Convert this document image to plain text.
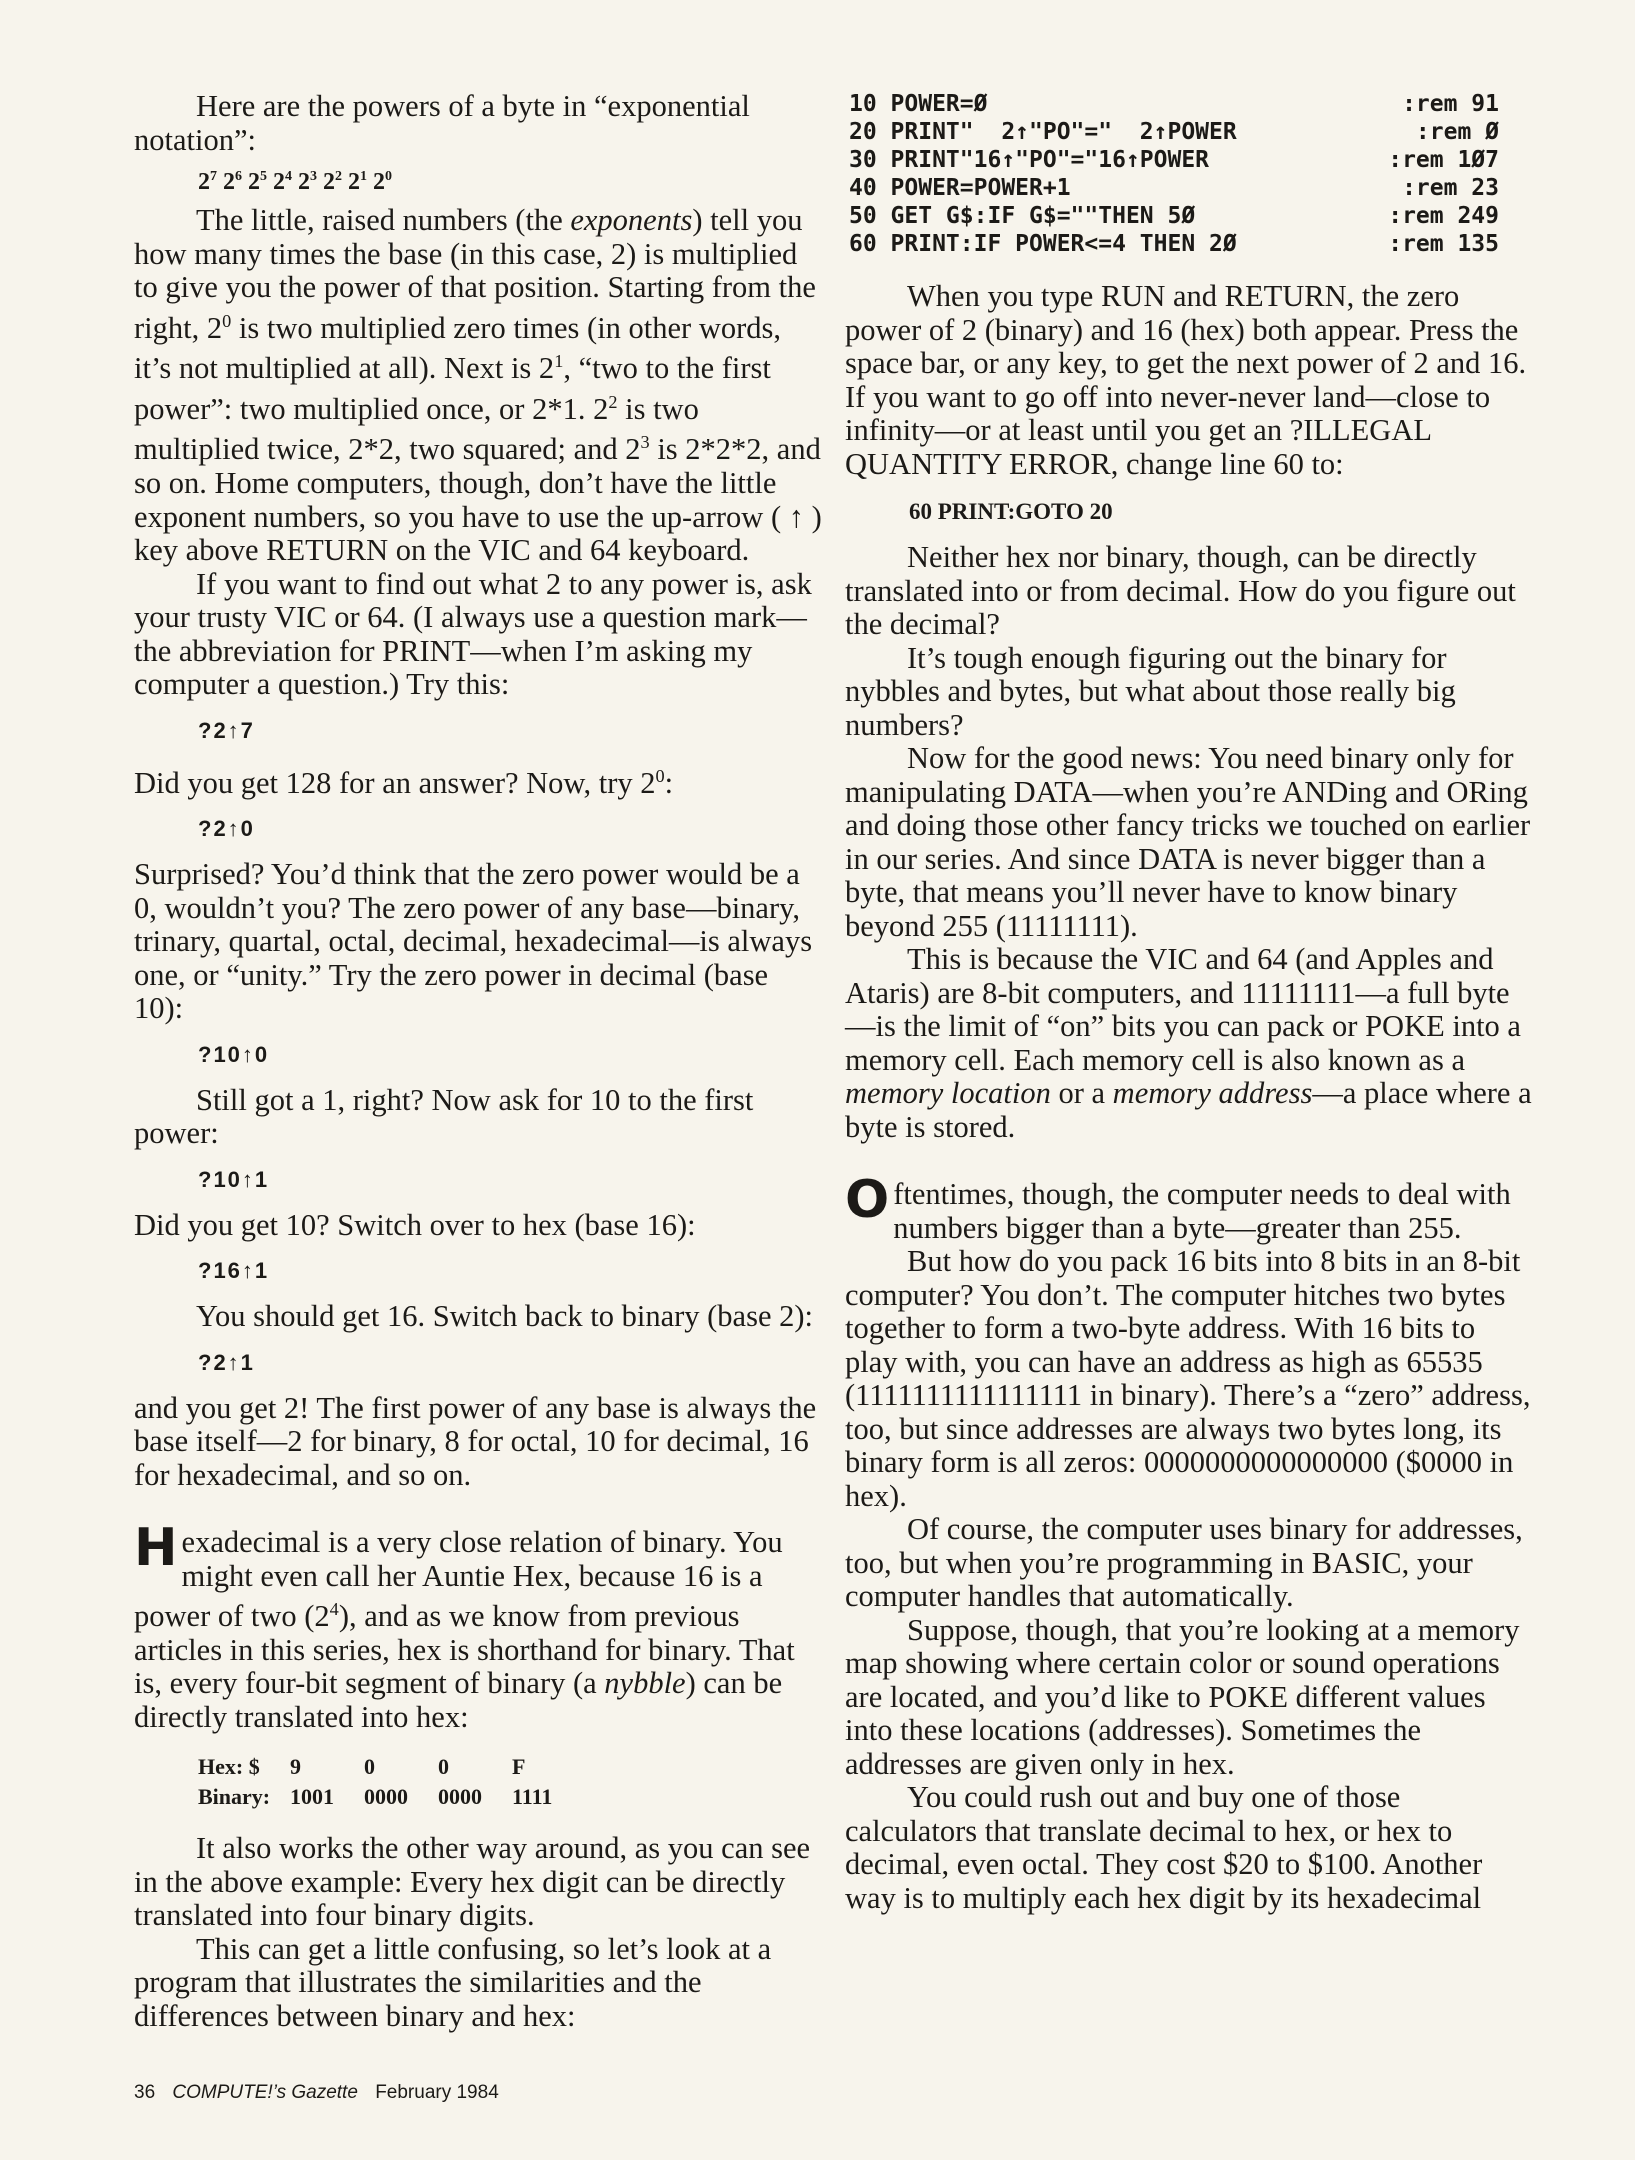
Here are the powers of a byte in “exponential notation”:

$2^7$ $2^6$ $2^5$ $2^4$ $2^3$ $2^2$ $2^1$ $2^0$

The little, raised numbers (the exponents) tell you how many times the base (in this case, 2) is multiplied to give you the power of that position. Starting from the right, $2^0$ is two multiplied zero times (in other words, it’s not multiplied at all). Next is $2^1$, “two to the first power”: two multiplied once, or 2*1. $2^2$ is two multiplied twice, 2*2, two squared; and $2^3$ is 2*2*2, and so on. Home computers, though, don’t have the little exponent numbers, so you have to use the up-arrow ( ↑ ) key above RETURN on the VIC and 64 keyboard.

If you want to find out what 2 to any power is, ask your trusty VIC or 64. (I always use a question mark—the abbreviation for PRINT—when I’m asking my computer a question.) Try this:

?2↑7

Did you get 128 for an answer? Now, try $2^0$:

?2↑0

Surprised? You’d think that the zero power would be a 0, wouldn’t you? The zero power of any base—binary, trinary, quartal, octal, decimal, hexadecimal—is always one, or “unity.” Try the zero power in decimal (base 10):

?10↑0

Still got a 1, right? Now ask for 10 to the first power:

?10↑1

Did you get 10? Switch over to hex (base 16):

?16↑1

You should get 16. Switch back to binary (base 2):

?2↑1

and you get 2! The first power of any base is always the base itself—2 for binary, 8 for octal, 10 for decimal, 16 for hexadecimal, and so on.

Hexadecimal is a very close relation of binary. You might even call her Auntie Hex, because 16 is a power of two $(2^4)$, and as we know from previous articles in this series, hex is shorthand for binary. That is, every four-bit segment of binary (a nybble) can be directly translated into hex:

Hex: $	9	0	0	F
Binary: 1001	0000	0000	1111

It also works the other way around, as you can see in the above example: Every hex digit can be directly translated into four binary digits.

This can get a little confusing, so let’s look at a program that illustrates the similarities and the differences between binary and hex:

10 POWER=Ø	:rem 91
20 PRINT"  2↑"PO"="  2↑POWER	:rem Ø
30 PRINT"16↑"PO"="16↑POWER	:rem 1Ø7
40 POWER=POWER+1	:rem 23
50 GET G$:IF G$=""THEN 5Ø	:rem 249
60 PRINT:IF POWER<=4 THEN 2Ø	:rem 135

When you type RUN and RETURN, the zero power of 2 (binary) and 16 (hex) both appear. Press the space bar, or any key, to get the next power of 2 and 16. If you want to go off into never-never land—close to infinity—or at least until you get an ?ILLEGAL QUANTITY ERROR, change line 60 to:

60 PRINT:GOTO 20

Neither hex nor binary, though, can be directly translated into or from decimal. How do you figure out the decimal?

It’s tough enough figuring out the binary for nybbles and bytes, but what about those really big numbers?

Now for the good news: You need binary only for manipulating DATA—when you’re ANDing and ORing and doing those other fancy tricks we touched on earlier in our series. And since DATA is never bigger than a byte, that means you’ll never have to know binary beyond 255 (11111111).

This is because the VIC and 64 (and Apples and Ataris) are 8-bit computers, and 11111111—a full byte—is the limit of “on” bits you can pack or POKE into a memory cell. Each memory cell is also known as a memory location or a memory address—a place where a byte is stored.

Oftentimes, though, the computer needs to deal with numbers bigger than a byte—greater than 255.

But how do you pack 16 bits into 8 bits in an 8-bit computer? You don’t. The computer hitches two bytes together to form a two-byte address. With 16 bits to play with, you can have an address as high as 65535 (1111111111111111 in binary). There’s a “zero” address, too, but since addresses are always two bytes long, its binary form is all zeros: 0000000000000000 ($0000 in hex).

Of course, the computer uses binary for addresses, too, but when you’re programming in BASIC, your computer handles that automatically.

Suppose, though, that you’re looking at a memory map showing where certain color or sound operations are located, and you’d like to POKE different values into these locations (addresses). Sometimes the addresses are given only in hex.

You could rush out and buy one of those calculators that translate decimal to hex, or hex to decimal, even octal. They cost $20 to $100. Another way is to multiply each hex digit by its hexadecimal

36 COMPUTE!’s Gazette February 1984
